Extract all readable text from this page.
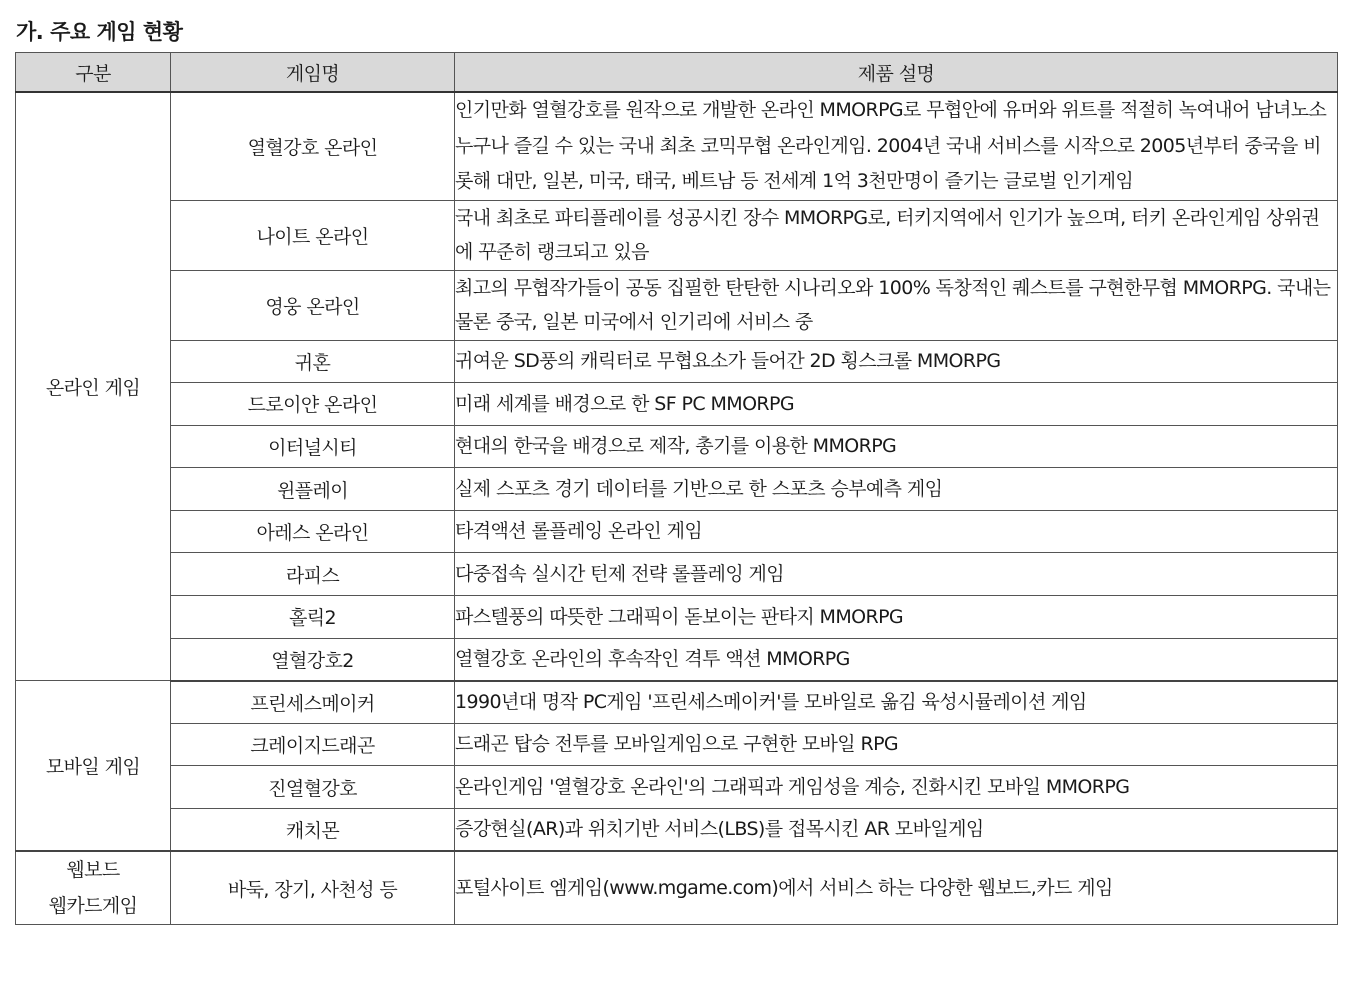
가. 주요 게임 현황
구분	게임명	제품 설명

온라인 게임	열혈강호 온라인	인기만화 열혈강호를 원작으로 개발한 온라인 MMORPG로 무협안에 유머와 위트를 적절히 녹여내어 남녀노소 누구나 즐길 수 있는 국내 최초 코믹무협 온라인게임. 2004년 국내 서비스를 시작으로 2005년부터 중국을 비롯해 대만, 일본, 미국, 태국, 베트남 등 전세계 1억 3천만명이 즐기는 글로벌 인기게임
	나이트 온라인	국내 최초로 파티플레이를 성공시킨 장수 MMORPG로, 터키지역에서 인기가 높으며, 터키 온라인게임 상위권에 꾸준히 랭크되고 있음
	영웅 온라인	최고의 무협작가들이 공동 집필한 탄탄한 시나리오와 100% 독창적인 퀘스트를 구현한무협 MMORPG. 국내는 물론 중국, 일본 미국에서 인기리에 서비스 중
	귀혼	귀여운 SD풍의 캐릭터로 무협요소가 들어간 2D 횡스크롤 MMORPG
	드로이얀 온라인	미래 세계를 배경으로 한 SF PC MMORPG
	이터널시티	현대의 한국을 배경으로 제작, 총기를 이용한 MMORPG
	윈플레이	실제 스포츠 경기 데이터를 기반으로 한 스포츠 승부예측 게임
	아레스 온라인	타격액션 롤플레잉 온라인 게임
	라피스	다중접속 실시간 턴제 전략 롤플레잉 게임
	홀릭2	파스텔풍의 따뜻한 그래픽이 돋보이는 판타지 MMORPG
	열혈강호2	열혈강호 온라인의 후속작인 격투 액션 MMORPG

모바일 게임	프린세스메이커	1990년대 명작 PC게임 '프린세스메이커'를 모바일로 옮김 육성시뮬레이션 게임
	크레이지드래곤	드래곤 탑승 전투를 모바일게임으로 구현한 모바일 RPG
	진열혈강호	온라인게임 '열혈강호 온라인'의 그래픽과 게임성을 계승, 진화시킨 모바일 MMORPG
	캐치몬	증강현실(AR)과 위치기반 서비스(LBS)를 접목시킨 AR 모바일게임

웹보드
웹카드게임	바둑, 장기, 사천성 등	포털사이트 엠게임(www.mgame.com)에서 서비스 하는 다양한 웹보드,카드 게임
